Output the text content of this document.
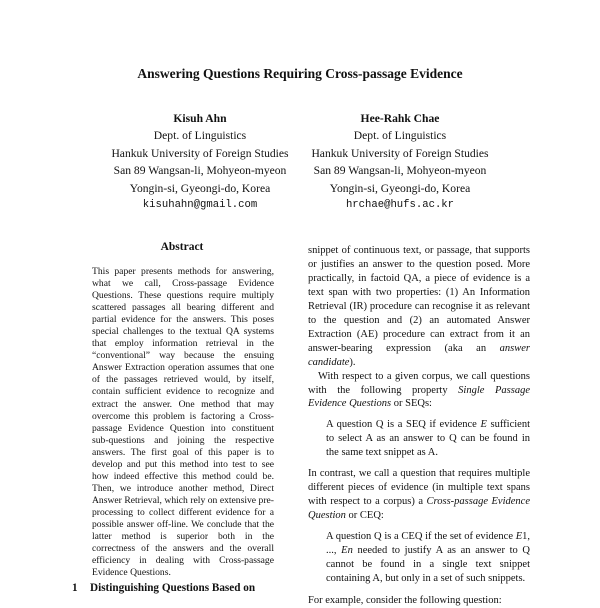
Answering Questions Requiring Cross-passage Evidence
Kisuh Ahn
Dept. of Linguistics
Hankuk University of Foreign Studies
San 89 Wangsan-li, Mohyeon-myeon
Yongin-si, Gyeongi-do, Korea
kisuhahn@gmail.com
Hee-Rahk Chae
Dept. of Linguistics
Hankuk University of Foreign Studies
San 89 Wangsan-li, Mohyeon-myeon
Yongin-si, Gyeongi-do, Korea
hrchae@hufs.ac.kr
Abstract
This paper presents methods for answering, what we call, Cross-passage Evidence Questions. These questions require multiply scattered passages all bearing different and partial evidence for the answers. This poses special challenges to the textual QA systems that employ information retrieval in the “conventional” way because the ensuing Answer Extraction operation assumes that one of the passages retrieved would, by itself, contain sufficient evidence to recognize and extract the answer. One method that may overcome this problem is factoring a Cross-passage Evidence Question into constituent sub-questions and joining the respective answers. The first goal of this paper is to develop and put this method into test to see how indeed effective this method could be. Then, we introduce another method, Direct Answer Retrieval, which rely on extensive pre-processing to collect different evidence for a possible answer off-line. We conclude that the latter method is superior both in the correctness of the answers and the overall efficiency in dealing with Cross-passage Evidence Questions.
1 Distinguishing Questions Based on

snippet of continuous text, or passage, that supports or justifies an answer to the question posed. More practically, in factoid QA, a piece of evidence is a text span with two properties: (1) An Information Retrieval (IR) procedure can recognise it as relevant to the question and (2) an automated Answer Extraction (AE) procedure can extract from it an answer-bearing expression (aka an answer candidate).

With respect to a given corpus, we call questions with the following property Single Passage Evidence Questions or SEQs:

A question Q is a SEQ if evidence E sufficient to select A as an answer to Q can be found in the same text snippet as A.

In contrast, we call a question that requires multiple different pieces of evidence (in multiple text spans with respect to a corpus) a Cross-passage Evidence Question or CEQ:

A question Q is a CEQ if the set of evidence E1, ..., En needed to justify A as an answer to Q cannot be found in a single text snippet containing A, but only in a set of such snippets.

For example, consider the following question:
